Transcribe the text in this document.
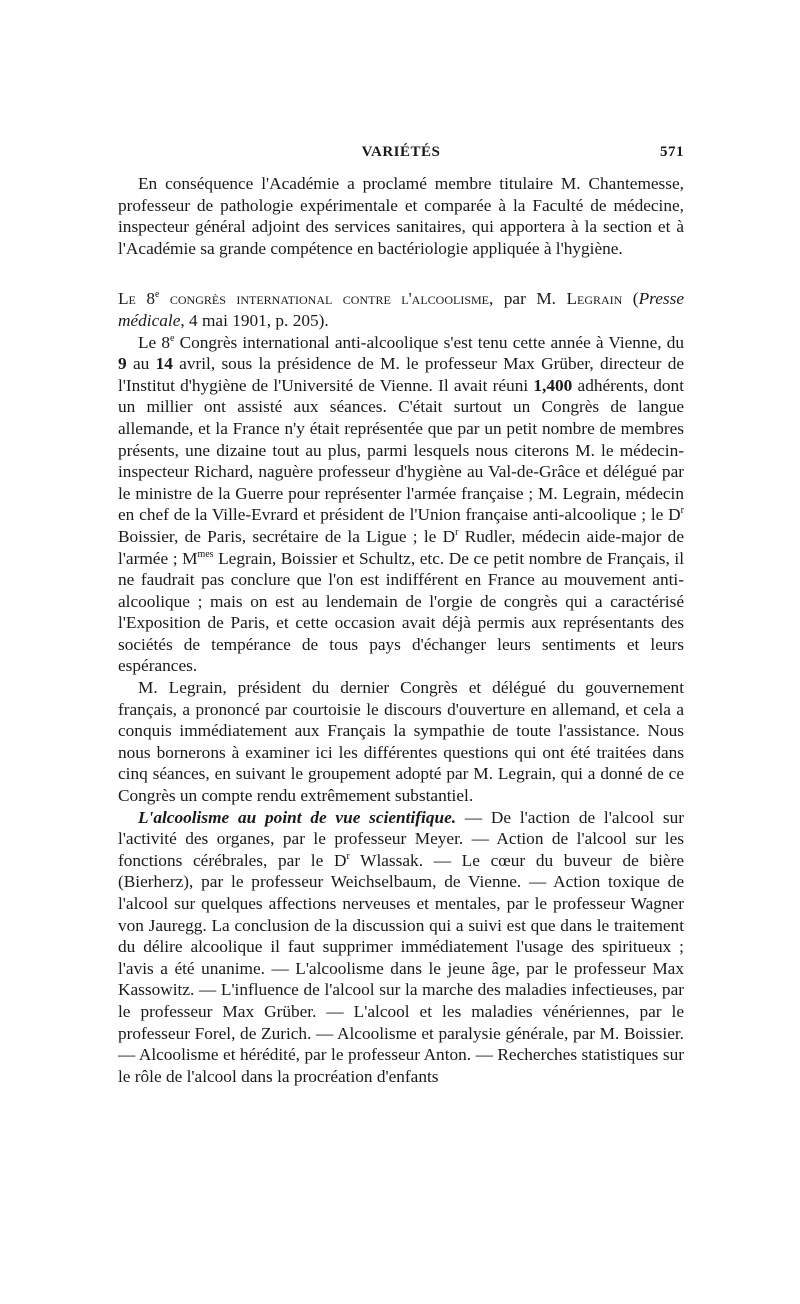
VARIÉTÉS	571

En conséquence l'Académie a proclamé membre titulaire M. Chantemesse, professeur de pathologie expérimentale et comparée à la Faculté de médecine, inspecteur général adjoint des services sanitaires, qui apportera à la section et à l'Académie sa grande compétence en bactériologie appliquée à l'hygiène.

Le 8e congrès international contre l'alcoolisme, par M. Legrain (Presse médicale, 4 mai 1901, p. 205).

Le 8e Congrès international anti-alcoolique s'est tenu cette année à Vienne, du 9 au 14 avril, sous la présidence de M. le professeur Max Grüber, directeur de l'Institut d'hygiène de l'Université de Vienne. Il avait réuni 1,400 adhérents, dont un millier ont assisté aux séances. C'était surtout un Congrès de langue allemande, et la France n'y était représentée que par un petit nombre de membres présents, une dizaine tout au plus, parmi lesquels nous citerons M. le médecin-inspecteur Richard, naguère professeur d'hygiène au Val-de-Grâce et délégué par le ministre de la Guerre pour représenter l'armée française ; M. Legrain, médecin en chef de la Ville-Evrard et président de l'Union française anti-alcoolique ; le $D^r$ Boissier, de Paris, secrétaire de la Ligue ; le $D^r$ Rudler, médecin aide-major de l'armée ; $M^{mes}$ Legrain, Boissier et Schultz, etc. De ce petit nombre de Français, il ne faudrait pas conclure que l'on est indifférent en France au mouvement anti-alcoolique ; mais on est au lendemain de l'orgie de congrès qui a caractérisé l'Exposition de Paris, et cette occasion avait déjà permis aux représentants des sociétés de tempérance de tous pays d'échanger leurs sentiments et leurs espérances.

M. Legrain, président du dernier Congrès et délégué du gouvernement français, a prononcé par courtoisie le discours d'ouverture en allemand, et cela a conquis immédiatement aux Français la sympathie de toute l'assistance. Nous nous bornerons à examiner ici les différentes questions qui ont été traitées dans cinq séances, en suivant le groupement adopté par M. Legrain, qui a donné de ce Congrès un compte rendu extrêmement substantiel.

L'alcoolisme au point de vue scientifique. — De l'action de l'alcool sur l'activité des organes, par le professeur Meyer. — Action de l'alcool sur les fonctions cérébrales, par le $D^r$ Wlassak. — Le cœur du buveur de bière (Bierherz), par le professeur Weichselbaum, de Vienne. — Action toxique de l'alcool sur quelques affections nerveuses et mentales, par le professeur Wagner von Jauregg. La conclusion de la discussion qui a suivi est que dans le traitement du délire alcoolique il faut supprimer immédiatement l'usage des spiritueux ; l'avis a été unanime. — L'alcoolisme dans le jeune âge, par le professeur Max Kassowitz. — L'influence de l'alcool sur la marche des maladies infectieuses, par le professeur Max Grüber. — L'alcool et les maladies vénériennes, par le professeur Forel, de Zurich. — Alcoolisme et paralysie générale, par M. Boissier. — Alcoolisme et hérédité, par le professeur Anton. — Recherches statistiques sur le rôle de l'alcool dans la procréation d'enfants
